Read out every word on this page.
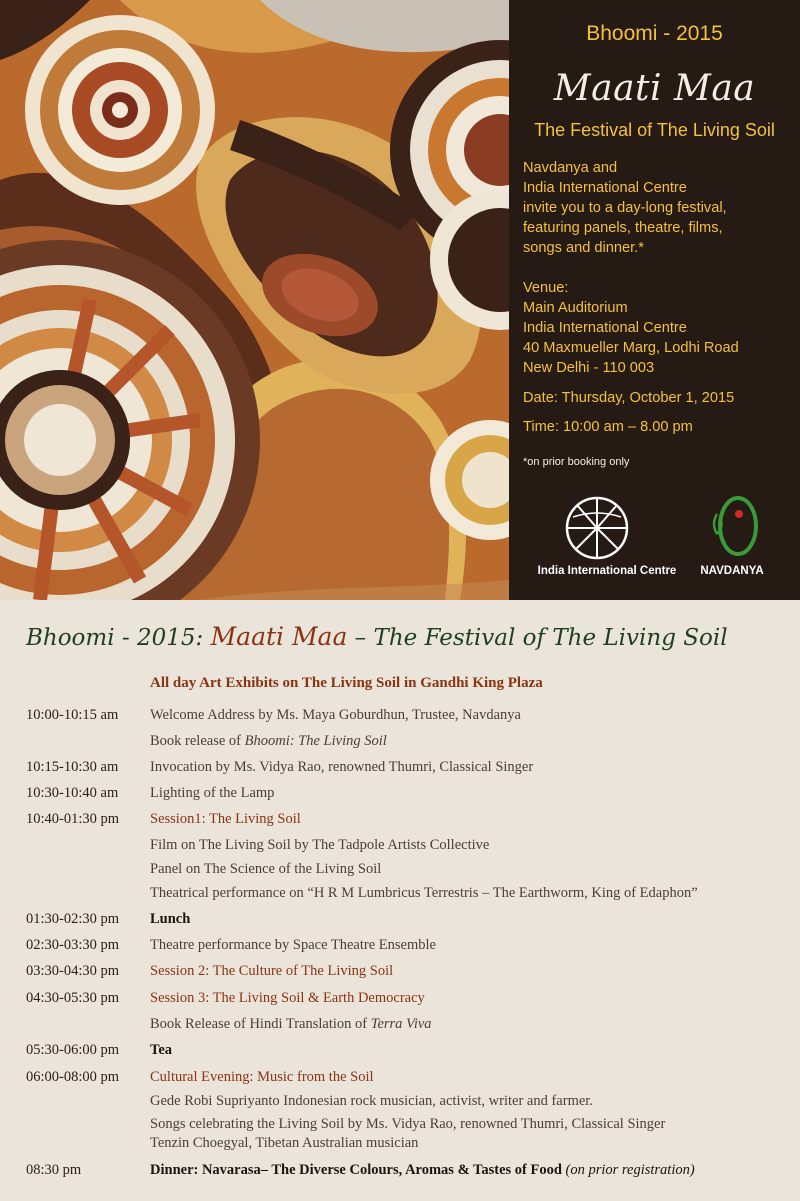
Bhoomi - 2015
Maati Maa
The Festival of The Living Soil
Navdanya and
India International Centre
invite you to a day-long festival,
featuring panels, theatre, films,
songs and dinner.*
Venue:
Main Auditorium
India International Centre
40 Maxmueller Marg, Lodhi Road
New Delhi - 110 003
Date: Thursday, October 1, 2015
Time: 10:00 am – 8.00 pm
*on prior booking only
India International Centre	NAVDANYA
Bhoomi - 2015: Maati Maa – The Festival of The Living Soil
All day Art Exhibits on The Living Soil in Gandhi King Plaza
10:00-10:15 am Welcome Address by Ms. Maya Goburdhun, Trustee, Navdanya
Book release of Bhoomi: The Living Soil
10:15-10:30 am Invocation by Ms. Vidya Rao, renowned Thumri, Classical Singer
10:30-10:40 am Lighting of the Lamp
10:40-01:30 pm Session1: The Living Soil
Film on The Living Soil by The Tadpole Artists Collective
Panel on The Science of the Living Soil
Theatrical performance on “H R M Lumbricus Terrestris – The Earthworm, King of Edaphon”
01:30-02:30 pm Lunch
02:30-03:30 pm Theatre performance by Space Theatre Ensemble
03:30-04:30 pm Session 2: The Culture of The Living Soil
04:30-05:30 pm Session 3: The Living Soil & Earth Democracy
Book Release of Hindi Translation of Terra Viva
05:30-06:00 pm Tea
06:00-08:00 pm Cultural Evening: Music from the Soil
Gede Robi Supriyanto Indonesian rock musician, activist, writer and farmer.
Songs celebrating the Living Soil by Ms. Vidya Rao, renowned Thumri, Classical Singer
Tenzin Choegyal, Tibetan Australian musician
08:30 pm	Dinner: Navarasa– The Diverse Colours, Aromas & Tastes of Food (on prior registration)
